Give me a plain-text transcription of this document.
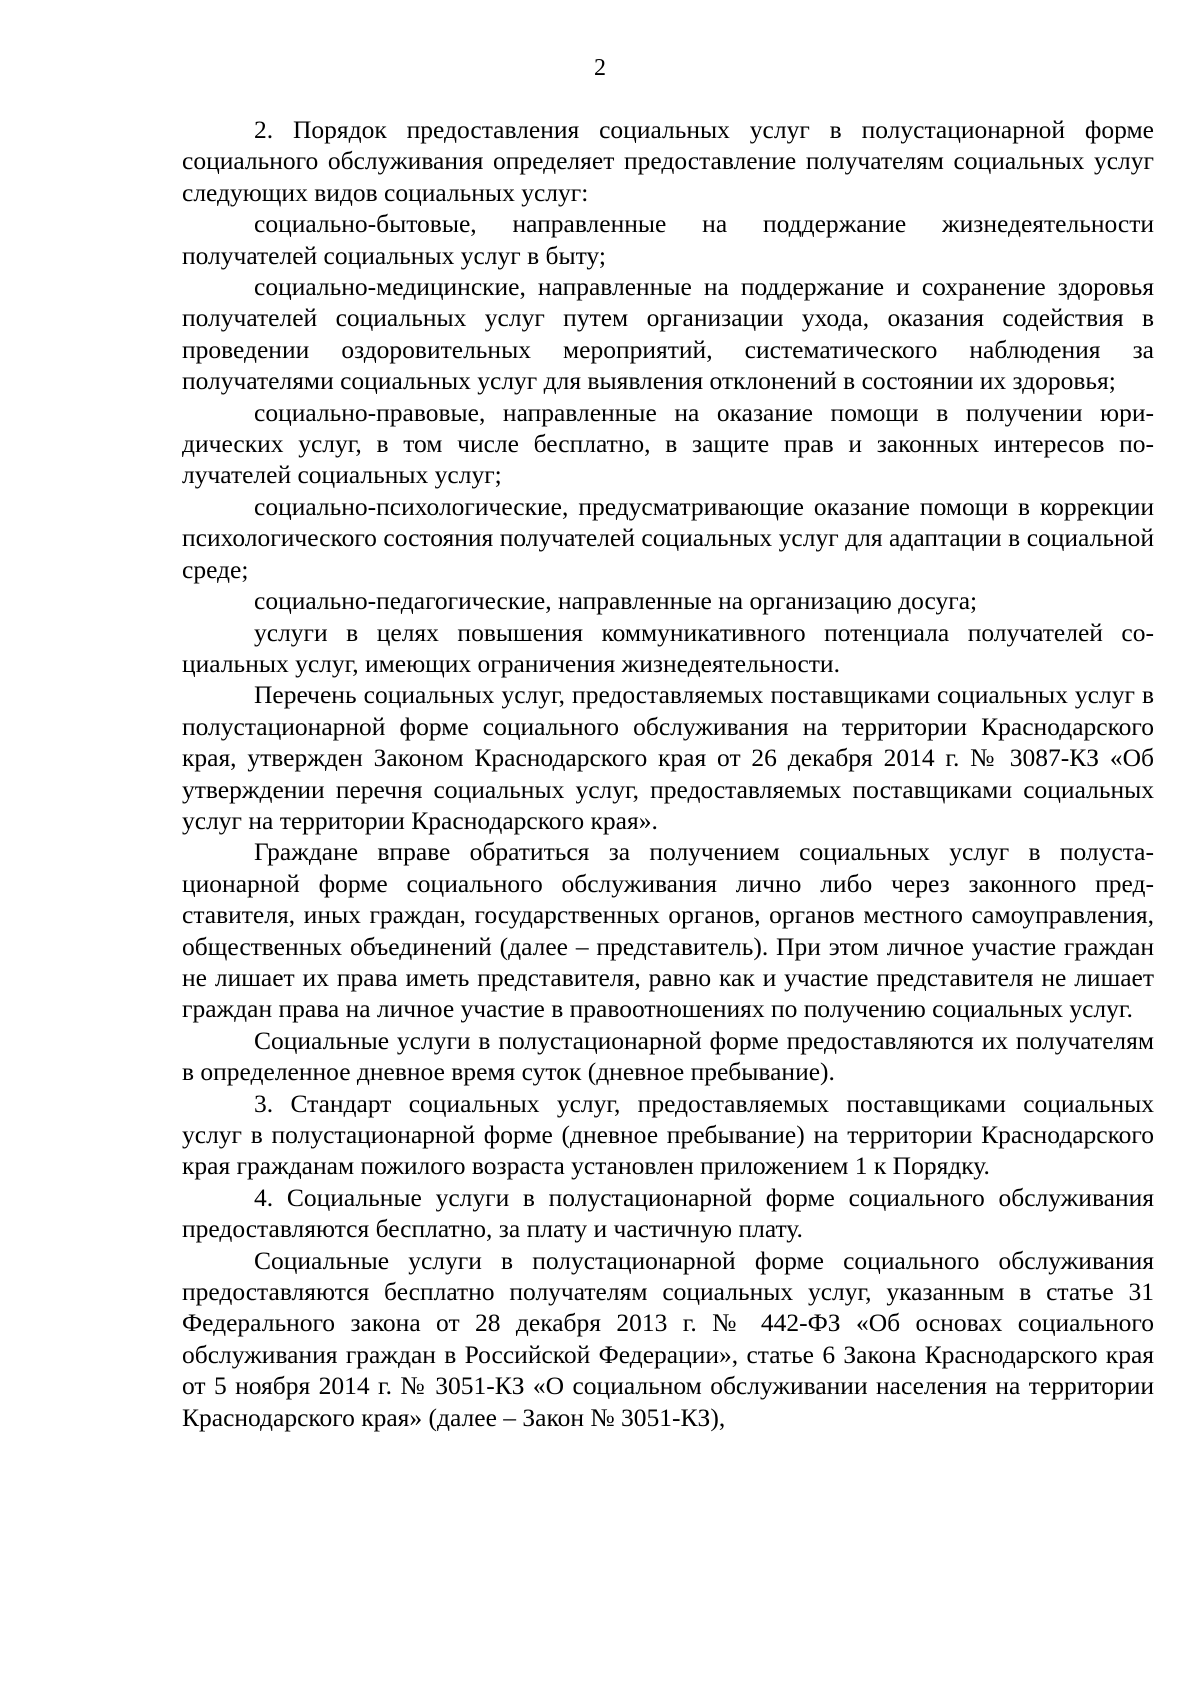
2

2. Порядок предоставления социальных услуг в полустационарной форме социального обслуживания определяет предоставление получателям социальных услуг следующих видов социальных услуг:

социально-бытовые, направленные на поддержание жизнедеятельности получателей социальных услуг в быту;

социально-медицинские, направленные на поддержание и сохранение здоровья получателей социальных услуг путем организации ухода, оказания содействия в проведении оздоровительных мероприятий, систематического наблюдения за получателями социальных услуг для выявления отклонений в состоянии их здоровья;

социально-правовые, направленные на оказание помощи в получении юридических услуг, в том числе бесплатно, в защите прав и законных интересов получателей социальных услуг;

социально-психологические, предусматривающие оказание помощи в коррекции психологического состояния получателей социальных услуг для адаптации в социальной среде;

социально-педагогические, направленные на организацию досуга;

услуги в целях повышения коммуникативного потенциала получателей социальных услуг, имеющих ограничения жизнедеятельности.

Перечень социальных услуг, предоставляемых поставщиками социальных услуг в полустационарной форме социального обслуживания на территории Краснодарского края, утвержден Законом Краснодарского края от 26 декабря 2014 г. № 3087-КЗ «Об утверждении перечня социальных услуг, предоставляемых поставщиками социальных услуг на территории Краснодарского края».

Граждане вправе обратиться за получением социальных услуг в полустационарной форме социального обслуживания лично либо через законного представителя, иных граждан, государственных органов, органов местного самоуправления, общественных объединений (далее – представитель). При этом личное участие граждан не лишает их права иметь представителя, равно как и участие представителя не лишает граждан права на личное участие в правоотношениях по получению социальных услуг.

Социальные услуги в полустационарной форме предоставляются их получателям в определенное дневное время суток (дневное пребывание).

3. Стандарт социальных услуг, предоставляемых поставщиками социальных услуг в полустационарной форме (дневное пребывание) на территории Краснодарского края гражданам пожилого возраста установлен приложением 1 к Порядку.

4. Социальные услуги в полустационарной форме социального обслуживания предоставляются бесплатно, за плату и частичную плату.

Социальные услуги в полустационарной форме социального обслуживания предоставляются бесплатно получателям социальных услуг, указанным в статье 31 Федерального закона от 28 декабря 2013 г. № 442-ФЗ «Об основах социального обслуживания граждан в Российской Федерации», статье 6 Закона Краснодарского края от 5 ноября 2014 г. № 3051-КЗ «О социальном обслуживании населения на территории Краснодарского края» (далее – Закон № 3051-КЗ),
